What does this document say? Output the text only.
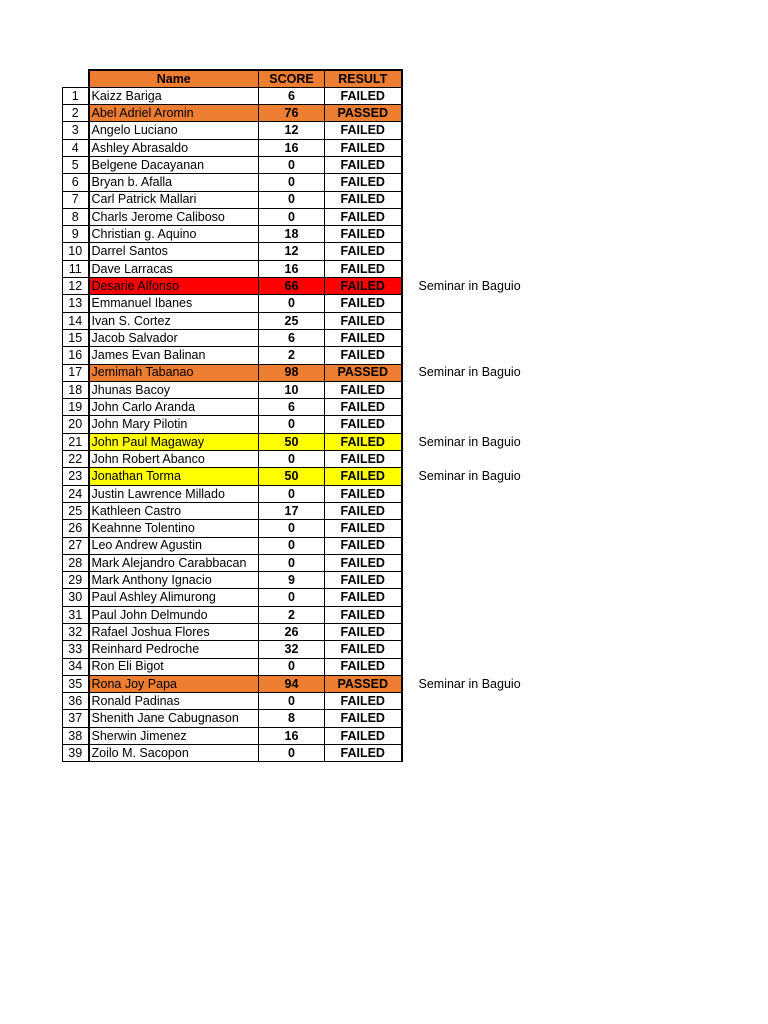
	Name	SCORE	RESULT	
1	Kaizz Bariga	6	FAILED	
2	Abel Adriel Aromin	76	PASSED	
3	Angelo Luciano	12	FAILED	
4	Ashley Abrasaldo	16	FAILED	
5	Belgene Dacayanan	0	FAILED	
6	Bryan b. Afalla	0	FAILED	
7	Carl Patrick Mallari	0	FAILED	
8	Charls Jerome Caliboso	0	FAILED	
9	Christian g. Aquino	18	FAILED	
10	Darrel Santos	12	FAILED	
11	Dave Larracas	16	FAILED	
12	Desarie Alfonso	66	FAILED	Seminar in Baguio
13	Emmanuel Ibanes	0	FAILED	
14	Ivan S. Cortez	25	FAILED	
15	Jacob Salvador	6	FAILED	
16	James Evan Balinan	2	FAILED	
17	Jemimah Tabanao	98	PASSED	Seminar in Baguio
18	Jhunas Bacoy	10	FAILED	
19	John Carlo Aranda	6	FAILED	
20	John Mary Pilotin	0	FAILED	
21	John Paul Magaway	50	FAILED	Seminar in Baguio
22	John Robert Abanco	0	FAILED	
23	Jonathan Torma	50	FAILED	Seminar in Baguio
24	Justin Lawrence Millado	0	FAILED	
25	Kathleen Castro	17	FAILED	
26	Keahnne Tolentino	0	FAILED	
27	Leo Andrew Agustin	0	FAILED	
28	Mark Alejandro Carabbacan	0	FAILED	
29	Mark Anthony Ignacio	9	FAILED	
30	Paul Ashley Alimurong	0	FAILED	
31	Paul John Delmundo	2	FAILED	
32	Rafael Joshua Flores	26	FAILED	
33	Reinhard Pedroche	32	FAILED	
34	Ron Eli Bigot	0	FAILED	
35	Rona Joy Papa	94	PASSED	Seminar in Baguio
36	Ronald Padinas	0	FAILED	
37	Shenith Jane Cabugnason	8	FAILED	
38	Sherwin Jimenez	16	FAILED	
39	Zoilo M. Sacopon	0	FAILED	
